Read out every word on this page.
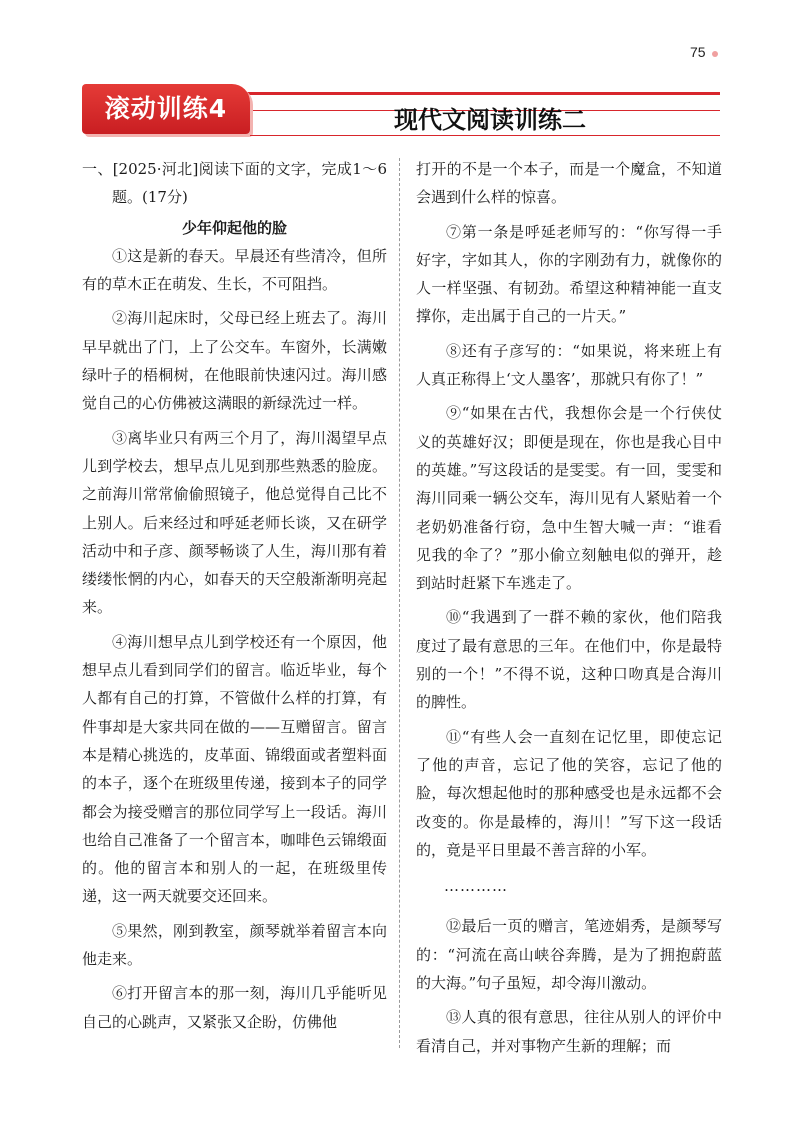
75
滚动训练4	现代文阅读训练二

一、[2025·河北]阅读下面的文字，完成1～6题。(17分)

少年仰起他的脸

①这是新的春天。早晨还有些清冷，但所有的草木正在萌发、生长，不可阻挡。

②海川起床时，父母已经上班去了。海川早早就出了门，上了公交车。车窗外，长满嫩绿叶子的梧桐树，在他眼前快速闪过。海川感觉自己的心仿佛被这满眼的新绿洗过一样。

③离毕业只有两三个月了，海川渴望早点儿到学校去，想早点儿见到那些熟悉的脸庞。之前海川常常偷偷照镜子，他总觉得自己比不上别人。后来经过和呼延老师长谈，又在研学活动中和子彦、颜琴畅谈了人生，海川那有着缕缕怅惘的内心，如春天的天空般渐渐明亮起来。

④海川想早点儿到学校还有一个原因，他想早点儿看到同学们的留言。临近毕业，每个人都有自己的打算，不管做什么样的打算，有件事却是大家共同在做的——互赠留言。留言本是精心挑选的，皮革面、锦缎面或者塑料面的本子，逐个在班级里传递，接到本子的同学都会为接受赠言的那位同学写上一段话。海川也给自己准备了一个留言本，咖啡色云锦缎面的。他的留言本和别人的一起，在班级里传递，这一两天就要交还回来。

⑤果然，刚到教室，颜琴就举着留言本向他走来。

⑥打开留言本的那一刻，海川几乎能听见自己的心跳声，又紧张又企盼，仿佛他

打开的不是一个本子，而是一个魔盒，不知道会遇到什么样的惊喜。

⑦第一条是呼延老师写的：“你写得一手好字，字如其人，你的字刚劲有力，就像你的人一样坚强、有韧劲。希望这种精神能一直支撑你，走出属于自己的一片天。”

⑧还有子彦写的：“如果说，将来班上有人真正称得上‘文人墨客’，那就只有你了！”

⑨“如果在古代，我想你会是一个行侠仗义的英雄好汉；即便是现在，你也是我心目中的英雄。”写这段话的是雯雯。有一回，雯雯和海川同乘一辆公交车，海川见有人紧贴着一个老奶奶准备行窃，急中生智大喊一声：“谁看见我的伞了？”那小偷立刻触电似的弹开，趁到站时赶紧下车逃走了。

⑩“我遇到了一群不赖的家伙，他们陪我度过了最有意思的三年。在他们中，你是最特别的一个！”不得不说，这种口吻真是合海川的脾性。

⑪“有些人会一直刻在记忆里，即使忘记了他的声音，忘记了他的笑容，忘记了他的脸，每次想起他时的那种感受也是永远都不会改变的。你是最棒的，海川！”写下这一段话的，竟是平日里最不善言辞的小军。

…………

⑫最后一页的赠言，笔迹娟秀，是颜琴写的：“河流在高山峡谷奔腾，是为了拥抱蔚蓝的大海。”句子虽短，却令海川激动。

⑬人真的很有意思，往往从别人的评价中看清自己，并对事物产生新的理解；而
